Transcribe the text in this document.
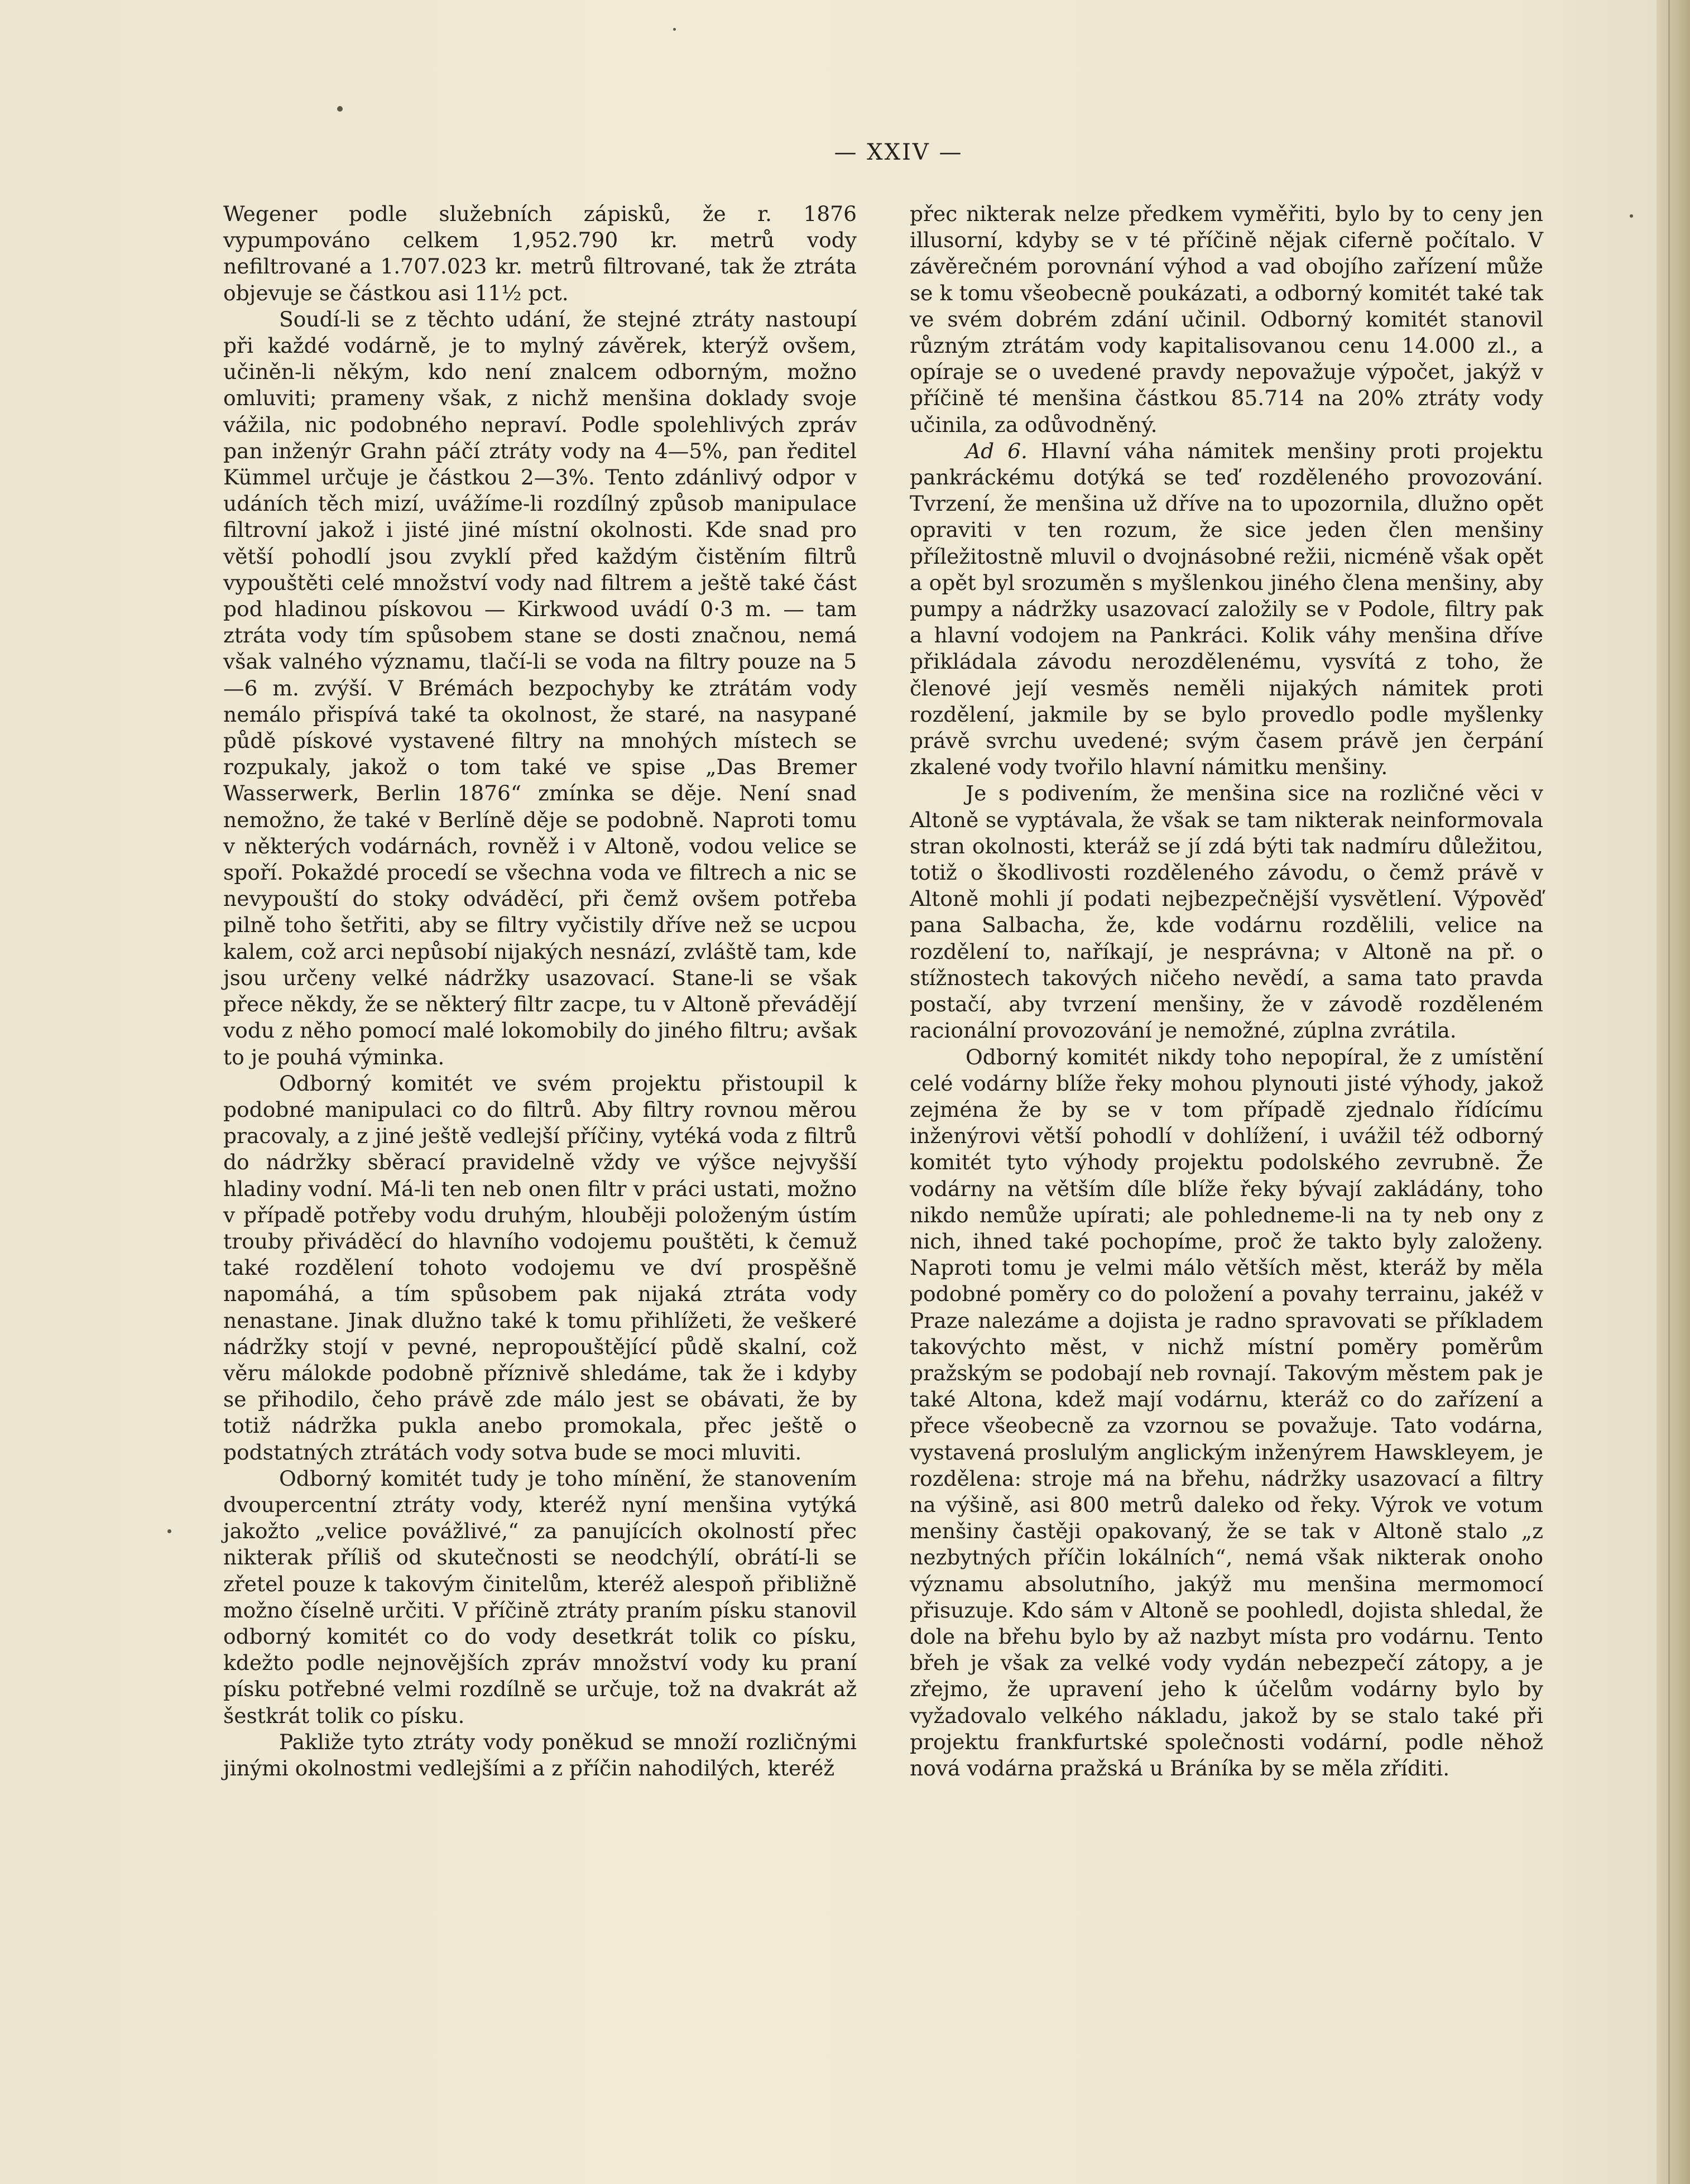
— XXIV —

Wegener podle služebních zápisků, že r. 1876 vypumpováno celkem 1,952.790 kr. metrů vody nefiltrované a 1.707.023 kr. metrů filtrované, tak že ztráta objevuje se částkou asi 11½ pct.

Soudí-li se z těchto udání, že stejné ztráty nastoupí při každé vodárně, je to mylný závěrek, kterýž ovšem, učiněn-li někým, kdo není znalcem odborným, možno omluviti; prameny však, z nichž menšina doklady svoje vážila, nic podobného nepraví. Podle spolehlivých zpráv pan inženýr Grahn páčí ztráty vody na 4—5%, pan ředitel Kümmel určuje je částkou 2—3%. Tento zdánlivý odpor v udáních těch mizí, uvážíme-li rozdílný způsob manipulace filtrovní jakož i jisté jiné místní okolnosti. Kde snad pro větší pohodlí jsou zvyklí před každým čistěním filtrů vypouštěti celé množství vody nad filtrem a ještě také část pod hladinou pískovou — Kirkwood uvádí 0·3 m. — tam ztráta vody tím spůsobem stane se dosti značnou, nemá však valného významu, tlačí-li se voda na filtry pouze na 5—6 m. zvýší. V Brémách bezpochyby ke ztrátám vody nemálo přispívá také ta okolnost, že staré, na nasypané půdě pískové vystavené filtry na mnohých místech se rozpukaly, jakož o tom také ve spise „Das Bremer Wasserwerk, Berlin 1876“ zmínka se děje. Není snad nemožno, že také v Berlíně děje se podobně. Naproti tomu v některých vodárnách, rovněž i v Altoně, vodou velice se spoří. Pokaždé procedí se všechna voda ve filtrech a nic se nevypouští do stoky odváděcí, při čemž ovšem potřeba pilně toho šetřiti, aby se filtry vyčistily dříve než se ucpou kalem, což arci nepůsobí nijakých nesnází, zvláště tam, kde jsou určeny velké nádržky usazovací. Stane-li se však přece někdy, že se některý filtr zacpe, tu v Altoně převádějí vodu z něho pomocí malé lokomobily do jiného filtru; avšak to je pouhá výminka.

Odborný komitét ve svém projektu přistoupil k podobné manipulaci co do filtrů. Aby filtry rovnou měrou pracovaly, a z jiné ještě vedlejší příčiny, vytéká voda z filtrů do nádržky sběrací pravidelně vždy ve výšce nejvyšší hladiny vodní. Má-li ten neb onen filtr v práci ustati, možno v případě potřeby vodu druhým, hlouběji položeným ústím trouby přiváděcí do hlavního vodojemu pouštěti, k čemuž také rozdělení tohoto vodojemu ve dví prospěšně napomáhá, a tím spůsobem pak nijaká ztráta vody nenastane. Jinak dlužno také k tomu přihlížeti, že veškeré nádržky stojí v pevné, nepropouštějící půdě skalní, což věru málokde podobně příznivě shledáme, tak že i kdyby se přihodilo, čeho právě zde málo jest se obávati, že by totiž nádržka pukla anebo promokala, přec ještě o podstatných ztrátách vody sotva bude se moci mluviti.

Odborný komitét tudy je toho mínění, že stanovením dvoupercentní ztráty vody, kteréž nyní menšina vytýká jakožto „velice povážlivé,“ za panujících okolností přec nikterak příliš od skutečnosti se neodchýlí, obrátí-li se zřetel pouze k takovým činitelům, kteréž alespoň přibližně možno číselně určiti. V příčině ztráty praním písku stanovil odborný komitét co do vody desetkrát tolik co písku, kdežto podle nejnovějších zpráv množství vody ku praní písku potřebné velmi rozdílně se určuje, tož na dvakrát až šestkrát tolik co písku.

Pakliže tyto ztráty vody poněkud se množí rozličnými jinými okolnostmi vedlejšími a z příčin nahodilých, kteréž

přec nikterak nelze předkem vyměřiti, bylo by to ceny jen illusorní, kdyby se v té příčině nějak ciferně počítalo. V závěrečném porovnání výhod a vad obojího zařízení může se k tomu všeobecně poukázati, a odborný komitét také tak ve svém dobrém zdání učinil. Odborný komitét stanovil různým ztrátám vody kapitalisovanou cenu 14.000 zl., a opíraje se o uvedené pravdy nepovažuje výpočet, jakýž v příčině té menšina částkou 85.714 na 20% ztráty vody učinila, za odůvodněný.

Ad 6. Hlavní váha námitek menšiny proti projektu pankráckému dotýká se teď rozděleného provozování. Tvrzení, že menšina už dříve na to upozornila, dlužno opět opraviti v ten rozum, že sice jeden člen menšiny příležitostně mluvil o dvojnásobné režii, nicméně však opět a opět byl srozuměn s myšlenkou jiného člena menšiny, aby pumpy a nádržky usazovací založily se v Podole, filtry pak a hlavní vodojem na Pankráci. Kolik váhy menšina dříve přikládala závodu nerozdělenému, vysvítá z toho, že členové její vesměs neměli nijakých námitek proti rozdělení, jakmile by se bylo provedlo podle myšlenky právě svrchu uvedené; svým časem právě jen čerpání zkalené vody tvořilo hlavní námitku menšiny.

Je s podivením, že menšina sice na rozličné věci v Altoně se vyptávala, že však se tam nikterak neinformovala stran okolnosti, kteráž se jí zdá býti tak nadmíru důležitou, totiž o škodlivosti rozděleného závodu, o čemž právě v Altoně mohli jí podati nejbezpečnější vysvětlení. Výpověď pana Salbacha, že, kde vodárnu rozdělili, velice na rozdělení to, naříkají, je nesprávna; v Altoně na př. o stížnostech takových ničeho nevědí, a sama tato pravda postačí, aby tvrzení menšiny, že v závodě rozděleném racionální provozování je nemožné, zúplna zvrátila.

Odborný komitét nikdy toho nepopíral, že z umístění celé vodárny blíže řeky mohou plynouti jisté výhody, jakož zejména že by se v tom případě zjednalo řídícímu inženýrovi větší pohodlí v dohlížení, i uvážil též odborný komitét tyto výhody projektu podolského zevrubně. Že vodárny na větším díle blíže řeky bývají zakládány, toho nikdo nemůže upírati; ale pohledneme-li na ty neb ony z nich, ihned také pochopíme, proč že takto byly založeny. Naproti tomu je velmi málo větších měst, kteráž by měla podobné poměry co do položení a povahy terrainu, jakéž v Praze nalezáme a dojista je radno spravovati se příkladem takovýchto měst, v nichž místní poměry poměrům pražským se podobají neb rovnají. Takovým městem pak je také Altona, kdež mají vodárnu, kteráž co do zařízení a přece všeobecně za vzornou se považuje. Tato vodárna, vystavená proslulým anglickým inženýrem Hawskleyem, je rozdělena: stroje má na břehu, nádržky usazovací a filtry na výšině, asi 800 metrů daleko od řeky. Výrok ve votum menšiny častěji opakovaný, že se tak v Altoně stalo „z nezbytných příčin lokálních“, nemá však nikterak onoho významu absolutního, jakýž mu menšina mermomocí přisuzuje. Kdo sám v Altoně se poohledl, dojista shledal, že dole na břehu bylo by až nazbyt místa pro vodárnu. Tento břeh je však za velké vody vydán nebezpečí zátopy, a je zřejmo, že upravení jeho k účelům vodárny bylo by vyžadovalo velkého nákladu, jakož by se stalo také při projektu frankfurtské společnosti vodární, podle něhož nová vodárna pražská u Bráníka by se měla zříditi.
